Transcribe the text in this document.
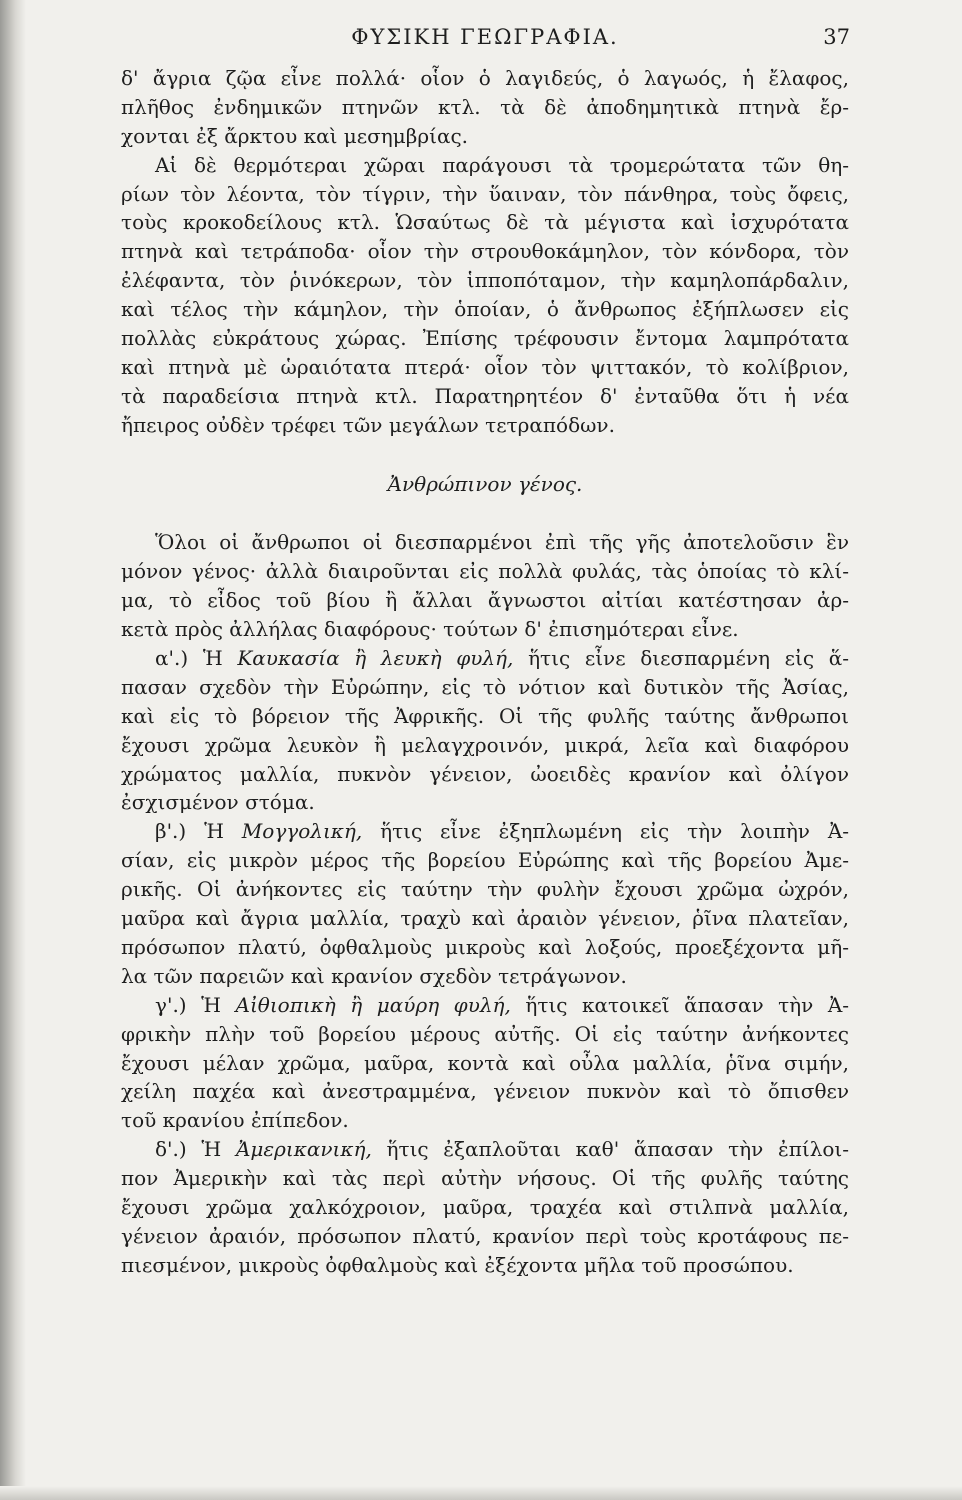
ΦΥΣΙΚΗ ΓΕΩΓΡΑΦΙΑ.	37
δ' ἄγρια ζῷα εἶνε πολλά· οἷον ὁ λαγιδεύς, ὁ λαγωός, ἡ ἔλαφος,
πλῆθος ἐνδημικῶν πτηνῶν κτλ. τὰ δὲ ἀποδημητικὰ πτηνὰ ἔρ-
χονται ἐξ ἄρκτου καὶ μεσημβρίας.
Αἱ δὲ θερμότεραι χῶραι παράγουσι τὰ τρομερώτατα τῶν θη-
ρίων τὸν λέοντα, τὸν τίγριν, τὴν ὕαιναν, τὸν πάνθηρα, τοὺς ὄφεις,
τοὺς κροκοδείλους κτλ. Ὡσαύτως δὲ τὰ μέγιστα καὶ ἰσχυρότατα
πτηνὰ καὶ τετράποδα· οἷον τὴν στρουθοκάμηλον, τὸν κόνδορα, τὸν
ἐλέφαντα, τὸν ῥινόκερων, τὸν ἱπποπόταμον, τὴν καμηλοπάρδαλιν,
καὶ τέλος τὴν κάμηλον, τὴν ὁποίαν, ὁ ἄνθρωπος ἐξήπλωσεν εἰς
πολλὰς εὐκράτους χώρας. Ἐπίσης τρέφουσιν ἔντομα λαμπρότατα
καὶ πτηνὰ μὲ ὡραιότατα πτερά· οἷον τὸν ψιττακόν, τὸ κολίβριον,
τὰ παραδείσια πτηνὰ κτλ. Παρατηρητέον δ' ἐνταῦθα ὅτι ἡ νέα
ἤπειρος οὐδὲν τρέφει τῶν μεγάλων τετραπόδων.
Ἀνθρώπινον γένος.
Ὅλοι οἱ ἄνθρωποι οἱ διεσπαρμένοι ἐπὶ τῆς γῆς ἀποτελοῦσιν ἓν
μόνον γένος· ἀλλὰ διαιροῦνται εἰς πολλὰ φυλάς, τὰς ὁποίας τὸ κλί-
μα, τὸ εἶδος τοῦ βίου ἢ ἄλλαι ἄγνωστοι αἰτίαι κατέστησαν ἀρ-
κετὰ πρὸς ἀλλήλας διαφόρους· τούτων δ' ἐπισημότεραι εἶνε.
α'.) Ἡ Καυκασία ἢ λευκὴ φυλή, ἥτις εἶνε διεσπαρμένη εἰς ἅ-
πασαν σχεδὸν τὴν Εὐρώπην, εἰς τὸ νότιον καὶ δυτικὸν τῆς Ἀσίας,
καὶ εἰς τὸ βόρειον τῆς Ἀφρικῆς. Οἱ τῆς φυλῆς ταύτης ἄνθρωποι
ἔχουσι χρῶμα λευκὸν ἢ μελαγχροινόν, μικρά, λεῖα καὶ διαφόρου
χρώματος μαλλία, πυκνὸν γένειον, ὠοειδὲς κρανίον καὶ ὀλίγον
ἐσχισμένον στόμα.
β'.) Ἡ Μογγολική, ἥτις εἶνε ἐξηπλωμένη εἰς τὴν λοιπὴν Ἀ-
σίαν, εἰς μικρὸν μέρος τῆς βορείου Εὐρώπης καὶ τῆς βορείου Ἀμε-
ρικῆς. Οἱ ἀνήκοντες εἰς ταύτην τὴν φυλὴν ἔχουσι χρῶμα ὠχρόν,
μαῦρα καὶ ἄγρια μαλλία, τραχὺ καὶ ἀραιὸν γένειον, ῥῖνα πλατεῖαν,
πρόσωπον πλατύ, ὀφθαλμοὺς μικροὺς καὶ λοξούς, προεξέχοντα μῆ-
λα τῶν παρειῶν καὶ κρανίον σχεδὸν τετράγωνον.
γ'.) Ἡ Αἰθιοπικὴ ἢ μαύρη φυλή, ἥτις κατοικεῖ ἅπασαν τὴν Ἀ-
φρικὴν πλὴν τοῦ βορείου μέρους αὐτῆς. Οἱ εἰς ταύτην ἀνήκοντες
ἔχουσι μέλαν χρῶμα, μαῦρα, κοντὰ καὶ οὖλα μαλλία, ῥῖνα σιμήν,
χείλη παχέα καὶ ἀνεστραμμένα, γένειον πυκνὸν καὶ τὸ ὄπισθεν
τοῦ κρανίου ἐπίπεδον.
δ'.) Ἡ Ἀμερικανική, ἥτις ἐξαπλοῦται καθ' ἅπασαν τὴν ἐπίλοι-
πον Ἀμερικὴν καὶ τὰς περὶ αὐτὴν νήσους. Οἱ τῆς φυλῆς ταύτης
ἔχουσι χρῶμα χαλκόχροιον, μαῦρα, τραχέα καὶ στιλπνὰ μαλλία,
γένειον ἀραιόν, πρόσωπον πλατύ, κρανίον περὶ τοὺς κροτάφους πε-
πιεσμένον, μικροὺς ὀφθαλμοὺς καὶ ἐξέχοντα μῆλα τοῦ προσώπου.
